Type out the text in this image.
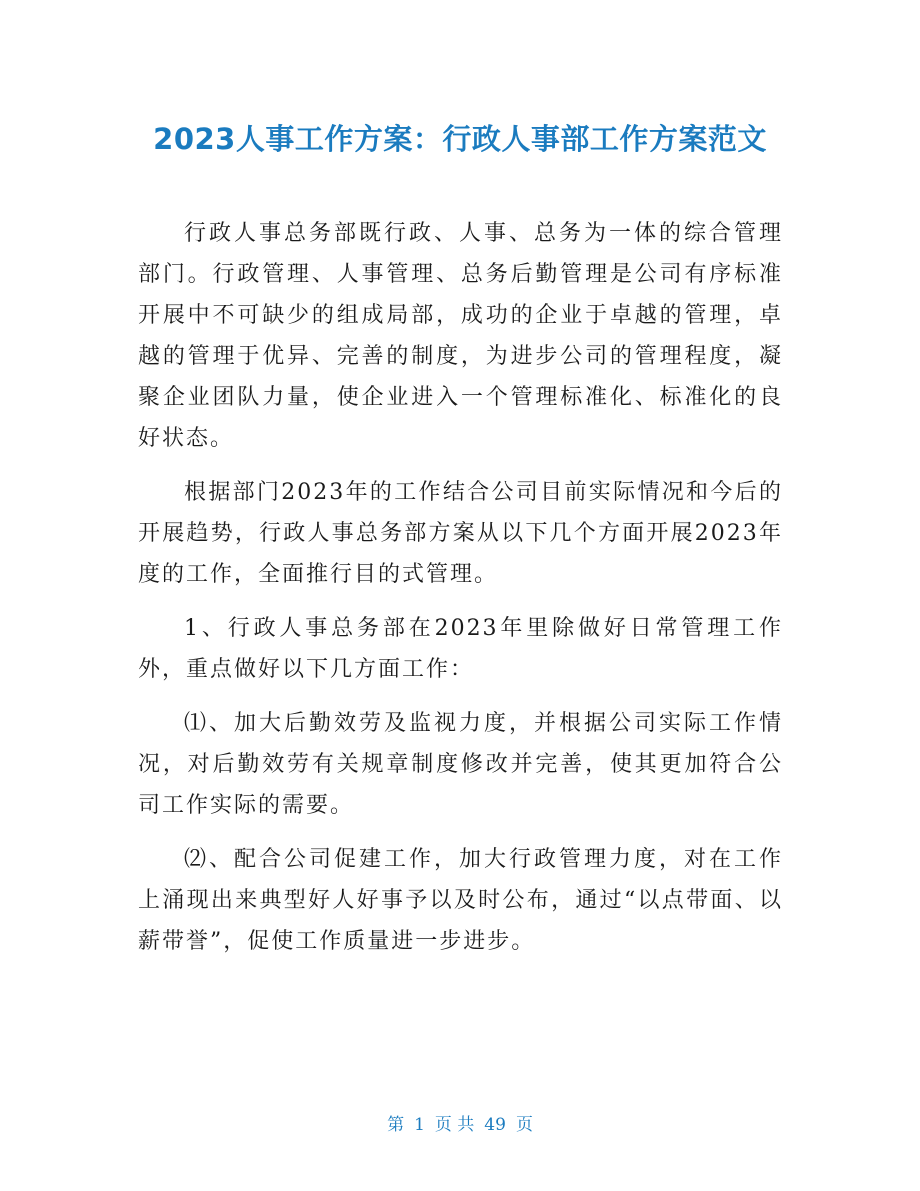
2023人事工作方案：行政人事部工作方案范文

行政人事总务部既行政、人事、总务为一体的综合管理部门。行政管理、人事管理、总务后勤管理是公司有序标准开展中不可缺少的组成局部，成功的企业于卓越的管理，卓越的管理于优异、完善的制度，为进步公司的管理程度，凝聚企业团队力量，使企业进入一个管理标准化、标准化的良好状态。

根据部门2023年的工作结合公司目前实际情况和今后的开展趋势，行政人事总务部方案从以下几个方面开展2023年度的工作，全面推行目的式管理。

1、行政人事总务部在2023年里除做好日常管理工作外，重点做好以下几方面工作：

⑴、加大后勤效劳及监视力度，并根据公司实际工作情况，对后勤效劳有关规章制度修改并完善，使其更加符合公司工作实际的需要。

⑵、配合公司促建工作，加大行政管理力度，对在工作上涌现出来典型好人好事予以及时公布，通过“以点带面、以薪带誉”，促使工作质量进一步进步。

第 1 页 共 49 页
